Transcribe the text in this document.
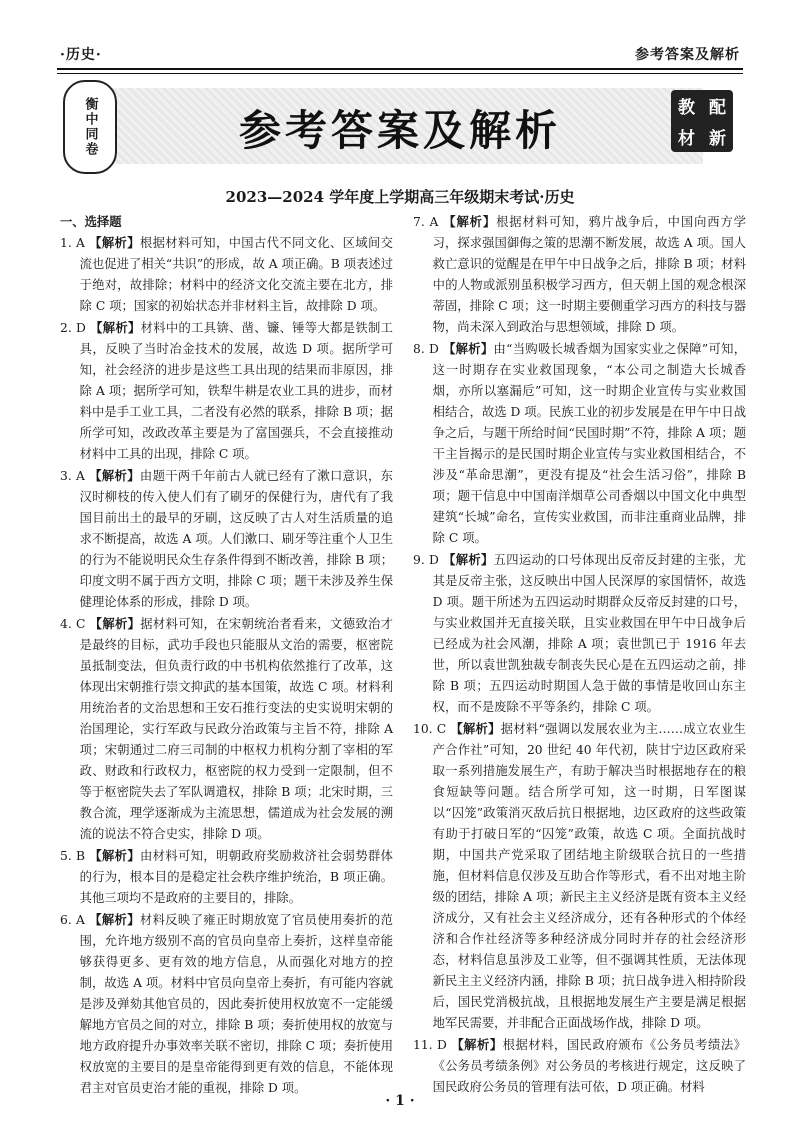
·历史·	参考答案及解析
衡中同卷	参考答案及解析	教 配
材 新
2023—2024 学年度上学期高三年级期末考试·历史
一、选择题

1. A 【解析】根据材料可知，中国古代不同文化、区域间交流也促进了相关“共识”的形成，故 A 项正确。B 项表述过于绝对，故排除；材料中的经济文化交流主要在北方，排除 C 项；国家的初始状态并非材料主旨，故排除 D 项。

2. D 【解析】材料中的工具锛、凿、镰、锤等大都是铁制工具，反映了当时冶金技术的发展，故选 D 项。据所学可知，社会经济的进步是这些工具出现的结果而非原因，排除 A 项；据所学可知，铁犁牛耕是农业工具的进步，而材料中是手工业工具，二者没有必然的联系，排除 B 项；据所学可知，改政改革主要是为了富国强兵，不会直接推动材料中工具的出现，排除 C 项。

3. A 【解析】由题干两千年前古人就已经有了漱口意识，东汉时柳枝的传入使人们有了刷牙的保健行为，唐代有了我国目前出土的最早的牙刷，这反映了古人对生活质量的追求不断提高，故选 A 项。人们漱口、刷牙等注重个人卫生的行为不能说明民众生存条件得到不断改善，排除 B 项；印度文明不属于西方文明，排除 C 项；题干未涉及养生保健理论体系的形成，排除 D 项。

4. C 【解析】据材料可知，在宋朝统治者看来，文德致治才是最终的目标，武功手段也只能服从文治的需要，枢密院虽抵制变法，但负责行政的中书机构依然推行了改革，这体现出宋朝推行崇文抑武的基本国策，故选 C 项。材料利用统治者的文治思想和王安石推行变法的史实说明宋朝的治国理论，实行军政与民政分治政策与主旨不符，排除 A 项；宋朝通过二府三司制的中枢权力机构分割了宰相的军政、财政和行政权力，枢密院的权力受到一定限制，但不等于枢密院失去了军队调遣权，排除 B 项；北宋时期，三教合流，理学逐渐成为主流思想，儒道成为社会发展的溯流的说法不符合史实，排除 D 项。

5. B 【解析】由材料可知，明朝政府奖励救济社会弱势群体的行为，根本目的是稳定社会秩序维护统治，B 项正确。其他三项均不是政府的主要目的，排除。

6. A 【解析】材料反映了雍正时期放宽了官员使用奏折的范围，允许地方级别不高的官员向皇帝上奏折，这样皇帝能够获得更多、更有效的地方信息，从而强化对地方的控制，故选 A 项。材料中官员向皇帝上奏折，有可能内容就是涉及弹劾其他官员的，因此奏折使用权放宽不一定能缓解地方官员之间的对立，排除 B 项；奏折使用权的放宽与地方政府提升办事效率关联不密切，排除 C 项；奏折使用权放宽的主要目的是皇帝能得到更有效的信息，不能体现君主对官员吏治才能的重视，排除 D 项。

7. A 【解析】根据材料可知，鸦片战争后，中国向西方学习，探求强国御侮之策的思潮不断发展，故选 A 项。国人救亡意识的觉醒是在甲午中日战争之后，排除 B 项；材料中的人物或派别虽积极学习西方，但天朝上国的观念根深蒂固，排除 C 项；这一时期主要侧重学习西方的科技与器物，尚未深入到政治与思想领域，排除 D 项。

8. D 【解析】由“当购吸长城香烟为国家实业之保障”可知，这一时期存在实业救国现象，“本公司之制造大长城香烟，亦所以塞漏卮”可知，这一时期企业宣传与实业救国相结合，故选 D 项。民族工业的初步发展是在甲午中日战争之后，与题干所给时间“民国时期”不符，排除 A 项；题干主旨揭示的是民国时期企业宣传与实业救国相结合，不涉及“革命思潮”，更没有提及“社会生活习俗”，排除 B 项；题干信息中中国南洋烟草公司香烟以中国文化中典型建筑“长城”命名，宣传实业救国，而非注重商业品牌，排除 C 项。

9. D 【解析】五四运动的口号体现出反帝反封建的主张，尤其是反帝主张，这反映出中国人民深厚的家国情怀，故选 D 项。题干所述为五四运动时期群众反帝反封建的口号，与实业救国并无直接关联，且实业救国在甲午中日战争后已经成为社会风潮，排除 A 项；袁世凯已于 1916 年去世，所以袁世凯独裁专制丧失民心是在五四运动之前，排除 B 项；五四运动时期国人急于做的事情是收回山东主权，而不是废除不平等条约，排除 C 项。

10. C 【解析】据材料“强调以发展农业为主……成立农业生产合作社”可知，20 世纪 40 年代初，陕甘宁边区政府采取一系列措施发展生产，有助于解决当时根据地存在的粮食短缺等问题。结合所学可知，这一时期，日军图谋以“囚笼”政策消灭敌后抗日根据地，边区政府的这些政策有助于打破日军的“囚笼”政策，故选 C 项。全面抗战时期，中国共产党采取了团结地主阶级联合抗日的一些措施，但材料信息仅涉及互助合作等形式，看不出对地主阶级的团结，排除 A 项；新民主主义经济是既有资本主义经济成分，又有社会主义经济成分，还有各种形式的个体经济和合作社经济等多种经济成分同时并存的社会经济形态，材料信息虽涉及工业等，但不强调其性质，无法体现新民主主义经济内涵，排除 B 项；抗日战争进入相持阶段后，国民党消极抗战，且根据地发展生产主要是满足根据地军民需要，并非配合正面战场作战，排除 D 项。

11. D 【解析】根据材料，国民政府颁布《公务员考绩法》《公务员考绩条例》对公务员的考核进行规定，这反映了国民政府公务员的管理有法可依，D 项正确。材料

· 1 ·
